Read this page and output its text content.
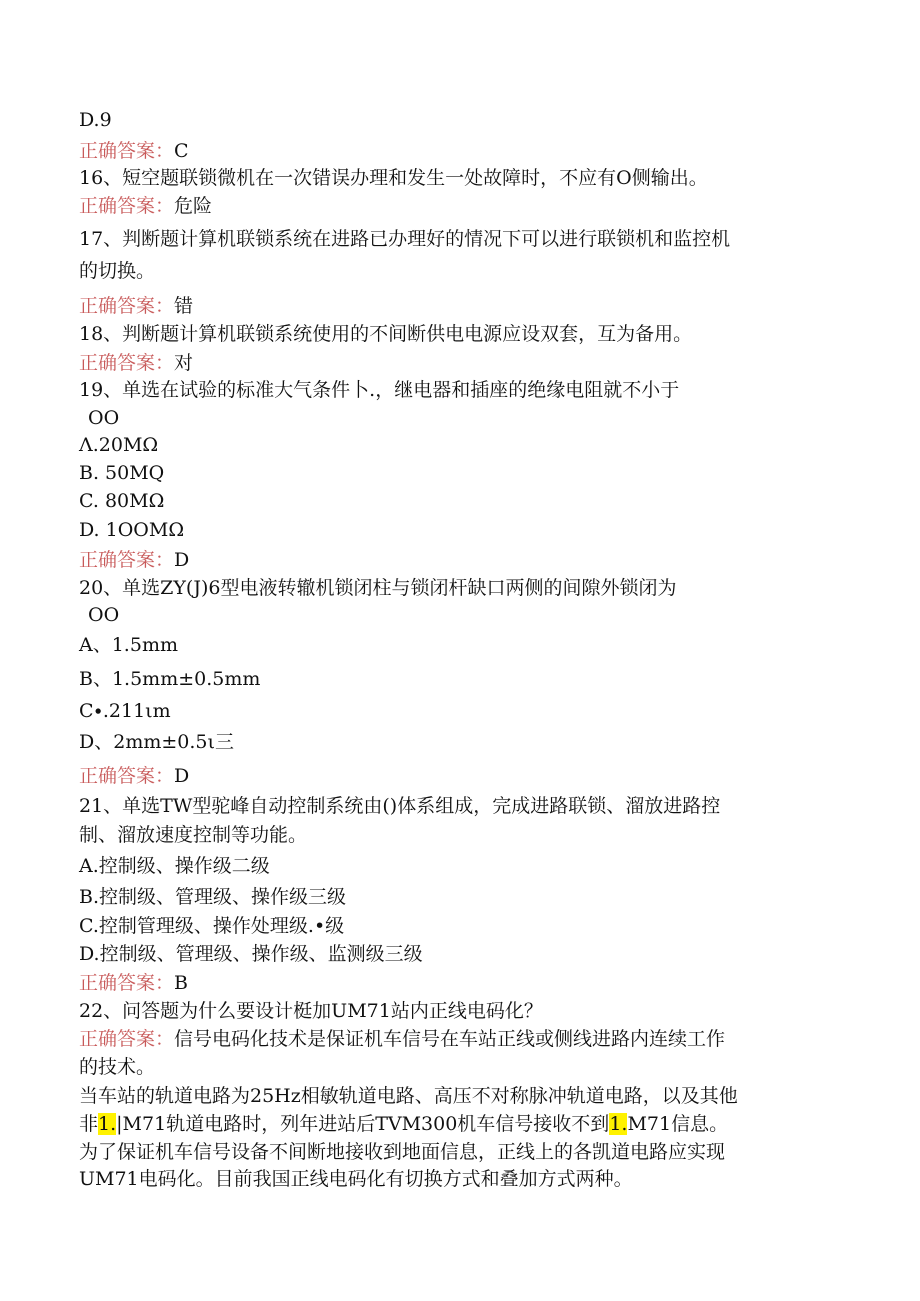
D.9
正确答案：C
16、短空题联锁微机在一次错误办理和发生一处故障时，不应有O侧输出。
正确答案：危险
17、判断题计算机联锁系统在进路已办理好的情况下可以进行联锁机和监控机
的切换。
正确答案：错
18、判断题计算机联锁系统使用的不间断供电电源应设双套，互为备用。
正确答案：对
19、单选在试验的标准大气条件卜.，继电器和插座的绝缘电阻就不小于
OO
Λ.20MΩ
B. 50MQ
C. 80MΩ
D. 1OOMΩ
正确答案：D
20、单选ZY(J)6型电液转辙机锁闭柱与锁闭杆缺口两侧的间隙外锁闭为
OO
A、1.5mm
B、1.5mm±0.5mm
C∙.211ιm
D、2mm±0.5ι三
正确答案：D
21、单选TW型驼峰自动控制系统由()体系组成，完成进路联锁、溜放进路控
制、溜放速度控制等功能。
A.控制级、操作级二级
B.控制级、管理级、操作级三级
C.控制管理级、操作处理级.•级
D.控制级、管理级、操作级、监测级三级
正确答案：B
22、问答题为什么要设计梃加UM71站内正线电码化？
正确答案：信号电码化技术是保证机车信号在车站正线或侧线进路内连续工作
的技术。
当车站的轨道电路为25Hz相敏轨道电路、高压不对称脉冲轨道电路，以及其他
非1.|M71轨道电路时，列年进站后TVM300机车信号接收不到1.M71信息。
为了保证机车信号设备不间断地接收到地面信息，正线上的各凯道电路应实现
UM71电码化。目前我国正线电码化有切换方式和叠加方式两种。
